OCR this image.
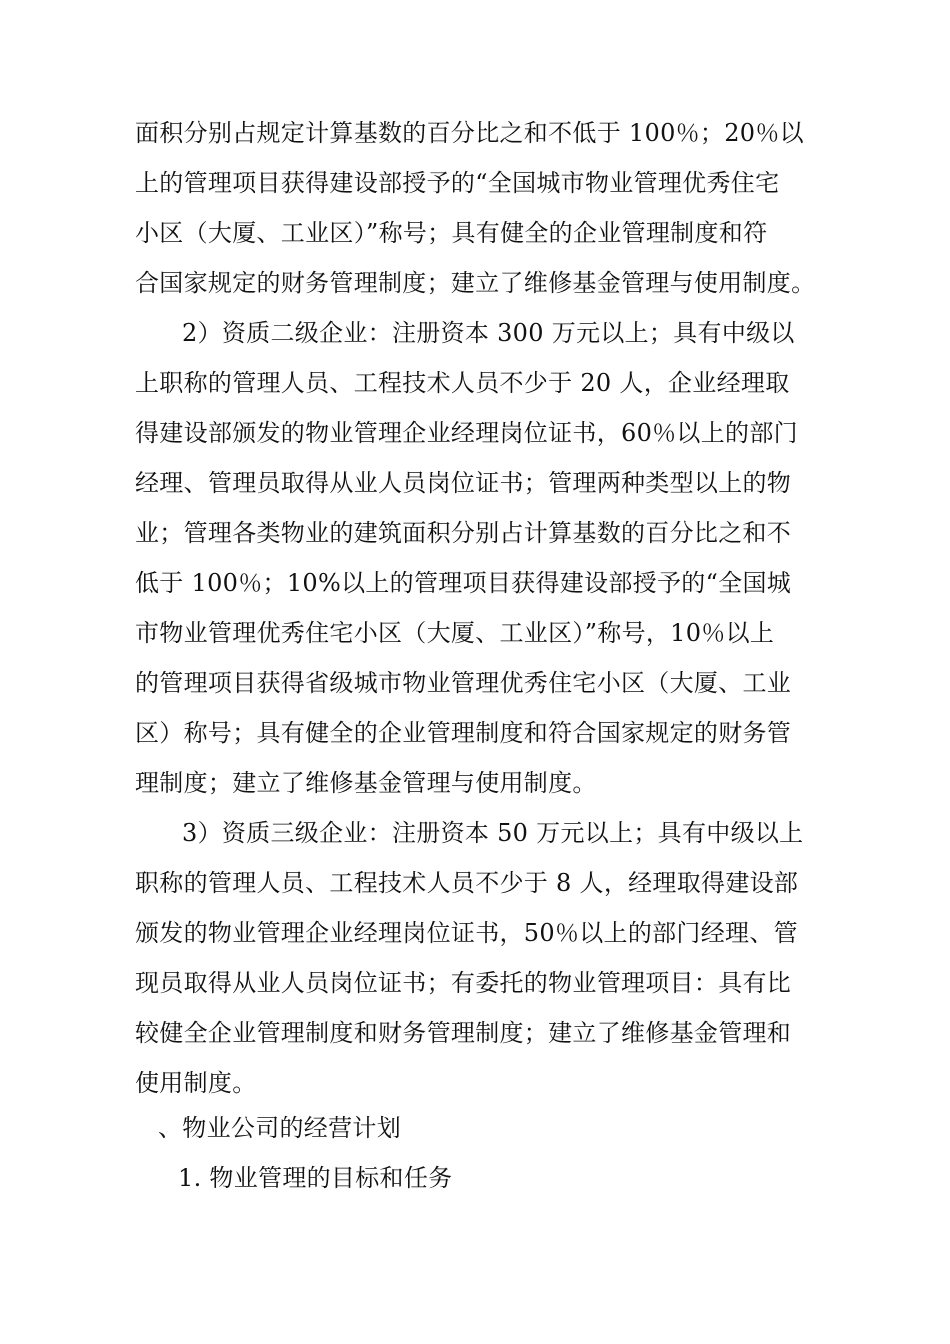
面积分别占规定计算基数的百分比之和不低于 100％；20％以
上的管理项目获得建设部授予的“全国城市物业管理优秀住宅
小区（大厦、工业区）”称号；具有健全的企业管理制度和符
合国家规定的财务管理制度；建立了维修基金管理与使用制度。
2）资质二级企业：注册资本 300 万元以上；具有中级以
上职称的管理人员、工程技术人员不少于 20 人，企业经理取
得建设部颁发的物业管理企业经理岗位证书，60％以上的部门
经理、管理员取得从业人员岗位证书；管理两种类型以上的物
业；管理各类物业的建筑面积分别占计算基数的百分比之和不
低于 100％；10%以上的管理项目获得建设部授予的“全国城
市物业管理优秀住宅小区（大厦、工业区）”称号，10％以上
的管理项目获得省级城市物业管理优秀住宅小区（大厦、工业
区）称号；具有健全的企业管理制度和符合国家规定的财务管
理制度；建立了维修基金管理与使用制度。
3）资质三级企业：注册资本 50 万元以上；具有中级以上
职称的管理人员、工程技术人员不少于 8 人，经理取得建设部
颁发的物业管理企业经理岗位证书，50％以上的部门经理、管
现员取得从业人员岗位证书；有委托的物业管理项目：具有比
较健全企业管理制度和财务管理制度；建立了维修基金管理和
使用制度。
、物业公司的经营计划
1. 物业管理的目标和任务
